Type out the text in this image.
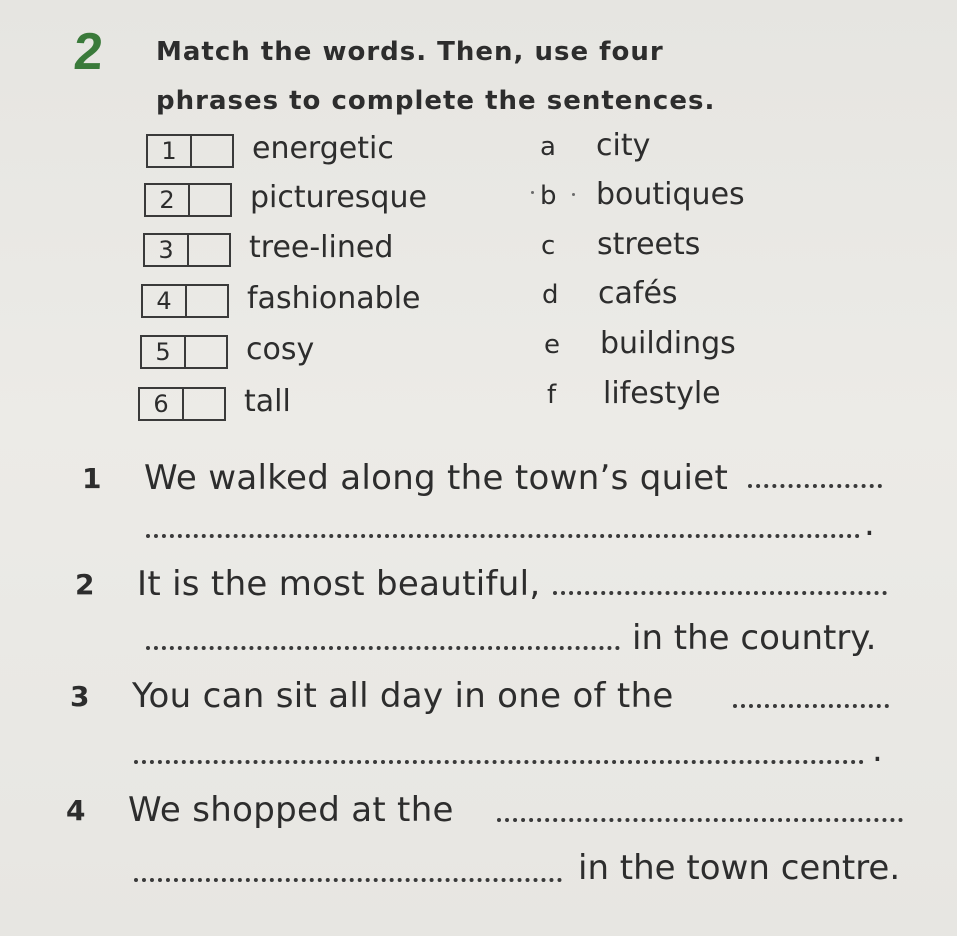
2 Match the words. Then, use four phrases to complete the sentences.
1	energetic
2	picturesque
3	tree-lined
4	fashionable
5	cosy
6	tall
a city
b boutiques
c streets
d cafés
e buildings
f lifestyle
1 We walked along the town’s quiet
.
2 It is the most beautiful,
in the country.
3 You can sit all day in one of the
.
4 We shopped at the
in the town centre.
